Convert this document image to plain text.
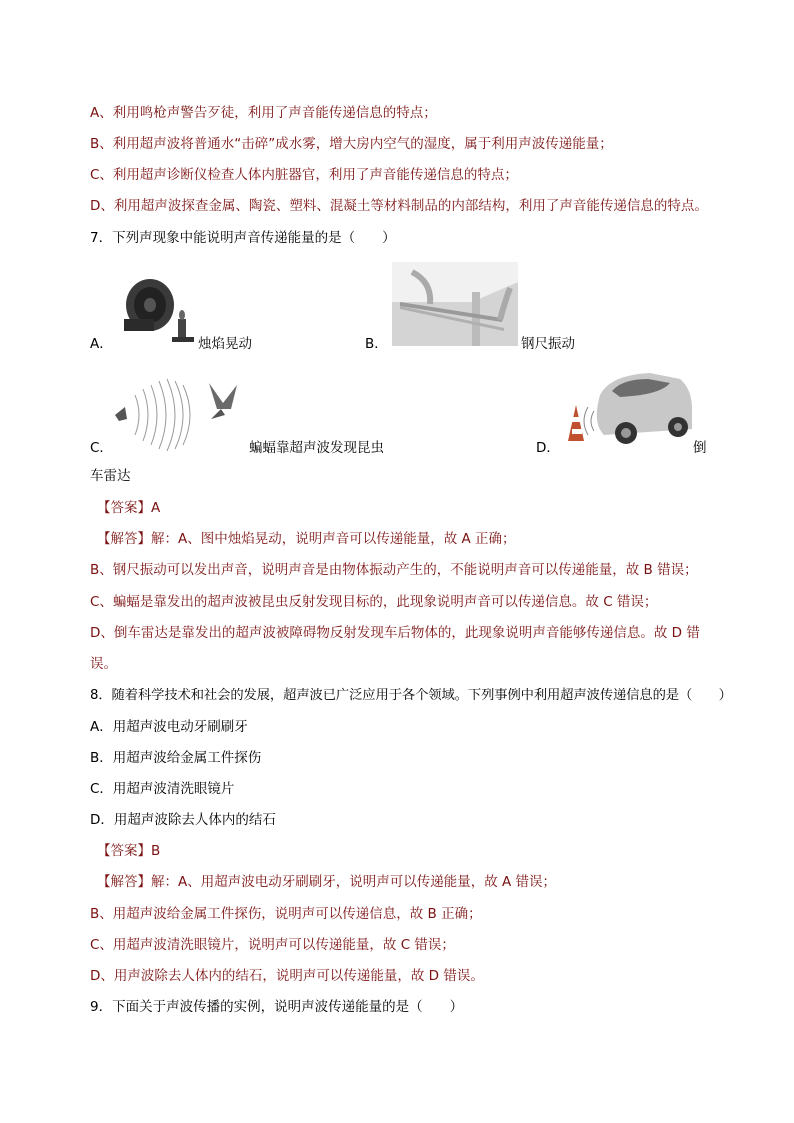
A、利用鸣枪声警告歹徒，利用了声音能传递信息的特点；
B、利用超声波将普通水“击碎”成水雾，增大房内空气的湿度，属于利用声波传递能量；
C、利用超声诊断仪检查人体内脏器官，利用了声音能传递信息的特点；
D、利用超声波探查金属、陶瓷、塑料、混凝土等材料制品的内部结构，利用了声音能传递信息的特点。
7．下列声现象中能说明声音传递能量的是（　　）
A．	烛焰晃动	B．	钢尺振动
C．	蝙蝠靠超声波发现昆虫	D．	倒
车雷达
【答案】A
【解答】解：A、图中烛焰晃动，说明声音可以传递能量，故 A 正确；
B、钢尺振动可以发出声音，说明声音是由物体振动产生的，不能说明声音可以传递能量，故 B 错误；
C、蝙蝠是靠发出的超声波被昆虫反射发现目标的，此现象说明声音可以传递信息。故 C 错误；
D、倒车雷达是靠发出的超声波被障碍物反射发现车后物体的，此现象说明声音能够传递信息。故 D 错
误。
8．随着科学技术和社会的发展，超声波已广泛应用于各个领域。下列事例中利用超声波传递信息的是（　　）
A．用超声波电动牙刷刷牙
B．用超声波给金属工件探伤
C．用超声波清洗眼镜片
D．用超声波除去人体内的结石
【答案】B
【解答】解：A、用超声波电动牙刷刷牙，说明声可以传递能量，故 A 错误；
B、用超声波给金属工件探伤，说明声可以传递信息，故 B 正确；
C、用超声波清洗眼镜片，说明声可以传递能量，故 C 错误；
D、用声波除去人体内的结石，说明声可以传递能量，故 D 错误。
9．下面关于声波传播的实例，说明声波传递能量的是（　　）
